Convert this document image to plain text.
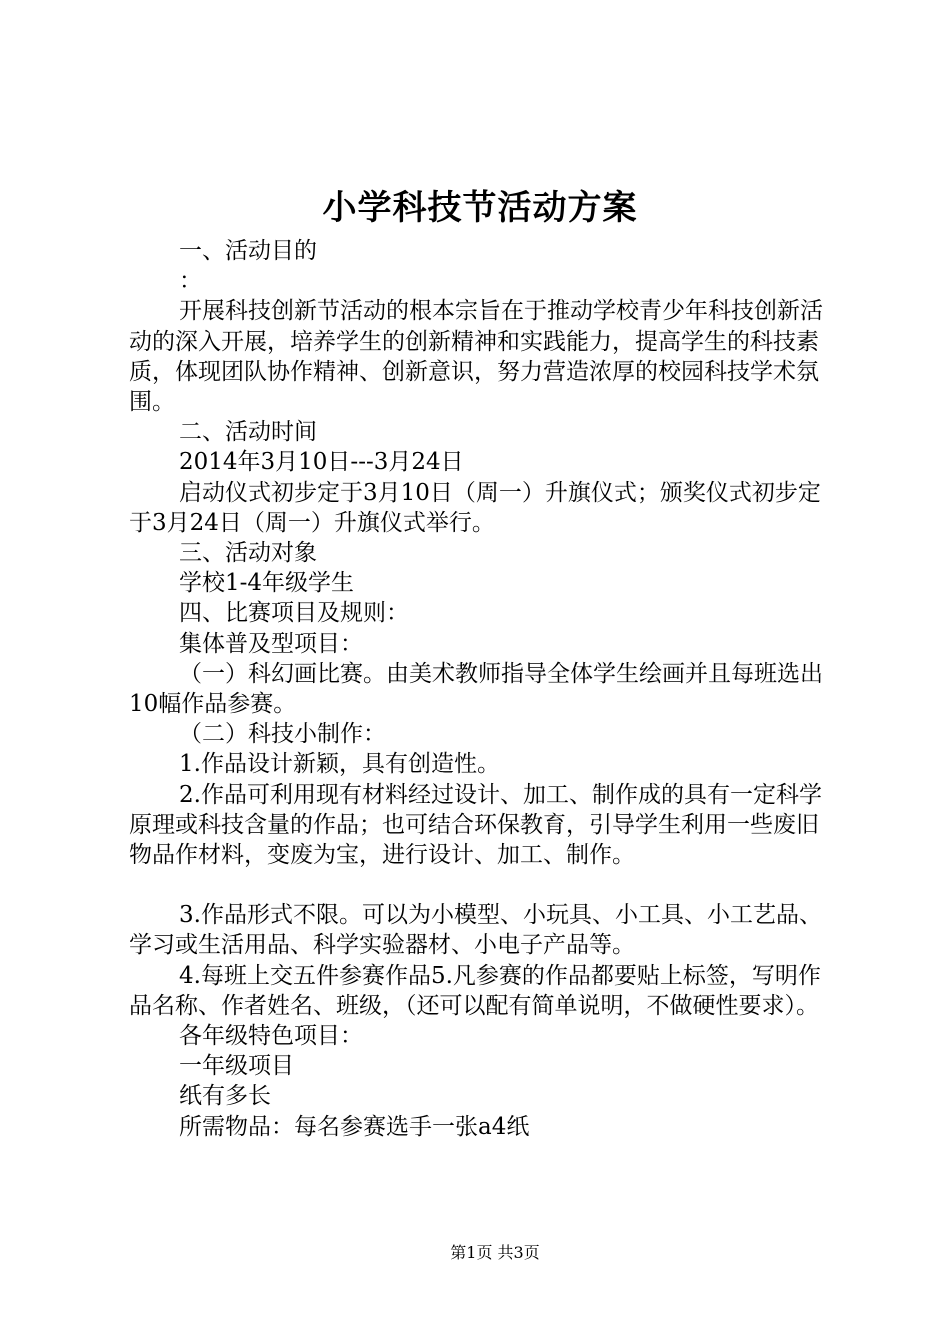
小学科技节活动方案

一、活动目的

：

开展科技创新节活动的根本宗旨在于推动学校青少年科技创新活动的深入开展，培养学生的创新精神和实践能力，提高学生的科技素质，体现团队协作精神、创新意识，努力营造浓厚的校园科技学术氛围。

二、活动时间

2014年3月10日---3月24日

启动仪式初步定于3月10日（周一）升旗仪式；颁奖仪式初步定于3月24日（周一）升旗仪式举行。

三、活动对象

学校1-4年级学生

四、比赛项目及规则：

集体普及型项目：

（一）科幻画比赛。由美术教师指导全体学生绘画并且每班选出10幅作品参赛。

（二）科技小制作：

1.作品设计新颖，具有创造性。

2.作品可利用现有材料经过设计、加工、制作成的具有一定科学原理或科技含量的作品；也可结合环保教育，引导学生利用一些废旧物品作材料，变废为宝，进行设计、加工、制作。

3.作品形式不限。可以为小模型、小玩具、小工具、小工艺品、学习或生活用品、科学实验器材、小电子产品等。

4.每班上交五件参赛作品5.凡参赛的作品都要贴上标签，写明作品名称、作者姓名、班级，（还可以配有简单说明，不做硬性要求）。

各年级特色项目：

一年级项目

纸有多长

所需物品：每名参赛选手一张a4纸

第1页 共3页
